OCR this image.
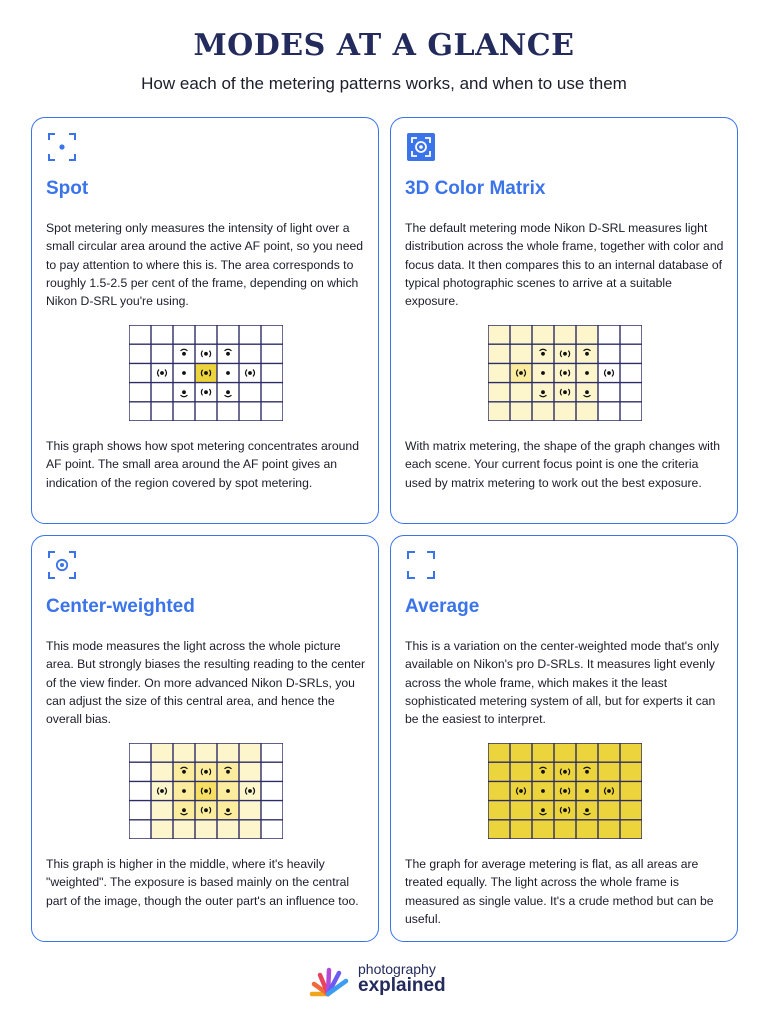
MODES AT A GLANCE
How each of the metering patterns works, and when to use them
Spot
Spot metering only measures the intensity of light over a small circular area around the active AF point, so you need to pay attention to where this is. The area corresponds to roughly 1.5-2.5 per cent of the frame, depending on which Nikon D-SRL you're using.
This graph shows how spot metering concentrates around AF point. The small area around the AF point gives an indication of the region covered by spot metering.
3D Color Matrix
The default metering mode Nikon D-SRL measures light distribution across the whole frame, together with color and focus data. It then compares this to an internal database of typical photographic scenes to arrive at a suitable exposure.
With matrix metering, the shape of the graph changes with each scene. Your current focus point is one the criteria used by matrix metering to work out the best exposure.
Center-weighted
This mode measures the light across the whole picture area. But strongly biases the resulting reading to the center of the view finder. On more advanced Nikon D-SRLs, you can adjust the size of this central area, and hence the overall bias.
This graph is higher in the middle, where it's heavily "weighted". The exposure is based mainly on the central part of the image, though the outer part's an influence too.
Average
This is a variation on the center-weighted mode that's only available on Nikon's pro D-SRLs. It measures light evenly across the whole frame, which makes it the least sophisticated metering system of all, but for experts it can be the easiest to interpret.
The graph for average metering is flat, as all areas are treated equally. The light across the whole frame is measured as single value. It's a crude method but can be useful.
photography
explained
